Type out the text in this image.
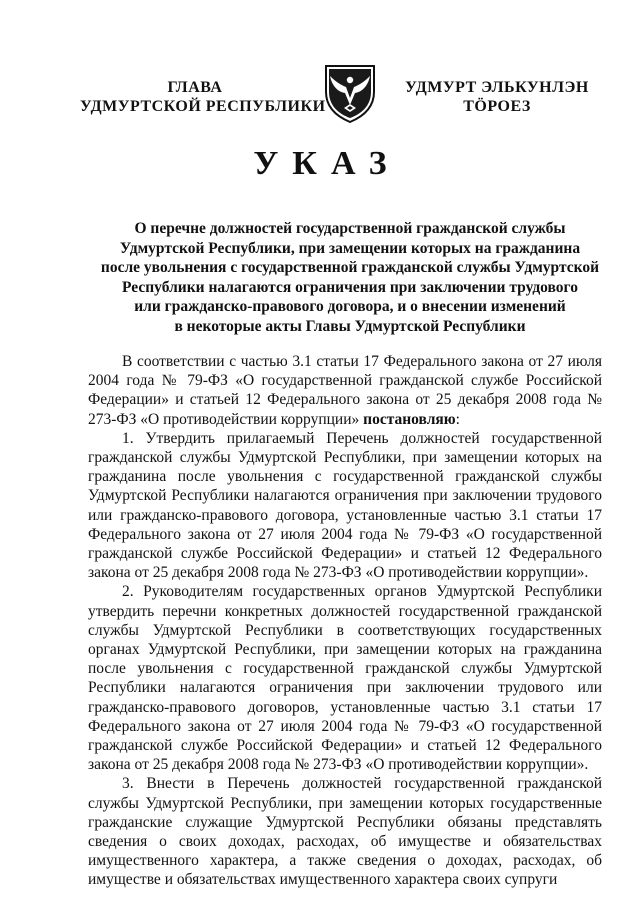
ГЛАВА
УДМУРТСКОЙ РЕСПУБЛИКИ
УДМУРТ ЭЛЬКУНЛЭН
ТӦРОЕЗ
УКАЗ
О перечне должностей государственной гражданской службы
Удмуртской Республики, при замещении которых на гражданина
после увольнения с государственной гражданской службы Удмуртской
Республики налагаются ограничения при заключении трудового
или гражданско-правового договора, и о внесении изменений
в некоторые акты Главы Удмуртской Республики

В соответствии с частью 3.1 статьи 17 Федерального закона от 27 июля 2004 года № 79-ФЗ «О государственной гражданской службе Российской Федерации» и статьей 12 Федерального закона от 25 декабря 2008 года № 273-ФЗ «О противодействии коррупции» постановляю:

1. Утвердить прилагаемый Перечень должностей государственной гражданской службы Удмуртской Республики, при замещении которых на гражданина после увольнения с государственной гражданской службы Удмуртской Республики налагаются ограничения при заключении трудового или гражданско-правового договора, установленные частью 3.1 статьи 17 Федерального закона от 27 июля 2004 года № 79-ФЗ «О государственной гражданской службе Российской Федерации» и статьей 12 Федерального закона от 25 декабря 2008 года № 273-ФЗ «О противодействии коррупции».

2. Руководителям государственных органов Удмуртской Республики утвердить перечни конкретных должностей государственной гражданской службы Удмуртской Республики в соответствующих государственных органах Удмуртской Республики, при замещении которых на гражданина после увольнения с государственной гражданской службы Удмуртской Республики налагаются ограничения при заключении трудового или гражданско-правового договоров, установленные частью 3.1 статьи 17 Федерального закона от 27 июля 2004 года № 79-ФЗ «О государственной гражданской службе Российской Федерации» и статьей 12 Федерального закона от 25 декабря 2008 года № 273-ФЗ «О противодействии коррупции».

3. Внести в Перечень должностей государственной гражданской службы Удмуртской Республики, при замещении которых государственные гражданские служащие Удмуртской Республики обязаны представлять сведения о своих доходах, расходах, об имуществе и обязательствах имущественного характера, а также сведения о доходах, расходах, об имуществе и обязательствах имущественного характера своих супруги
